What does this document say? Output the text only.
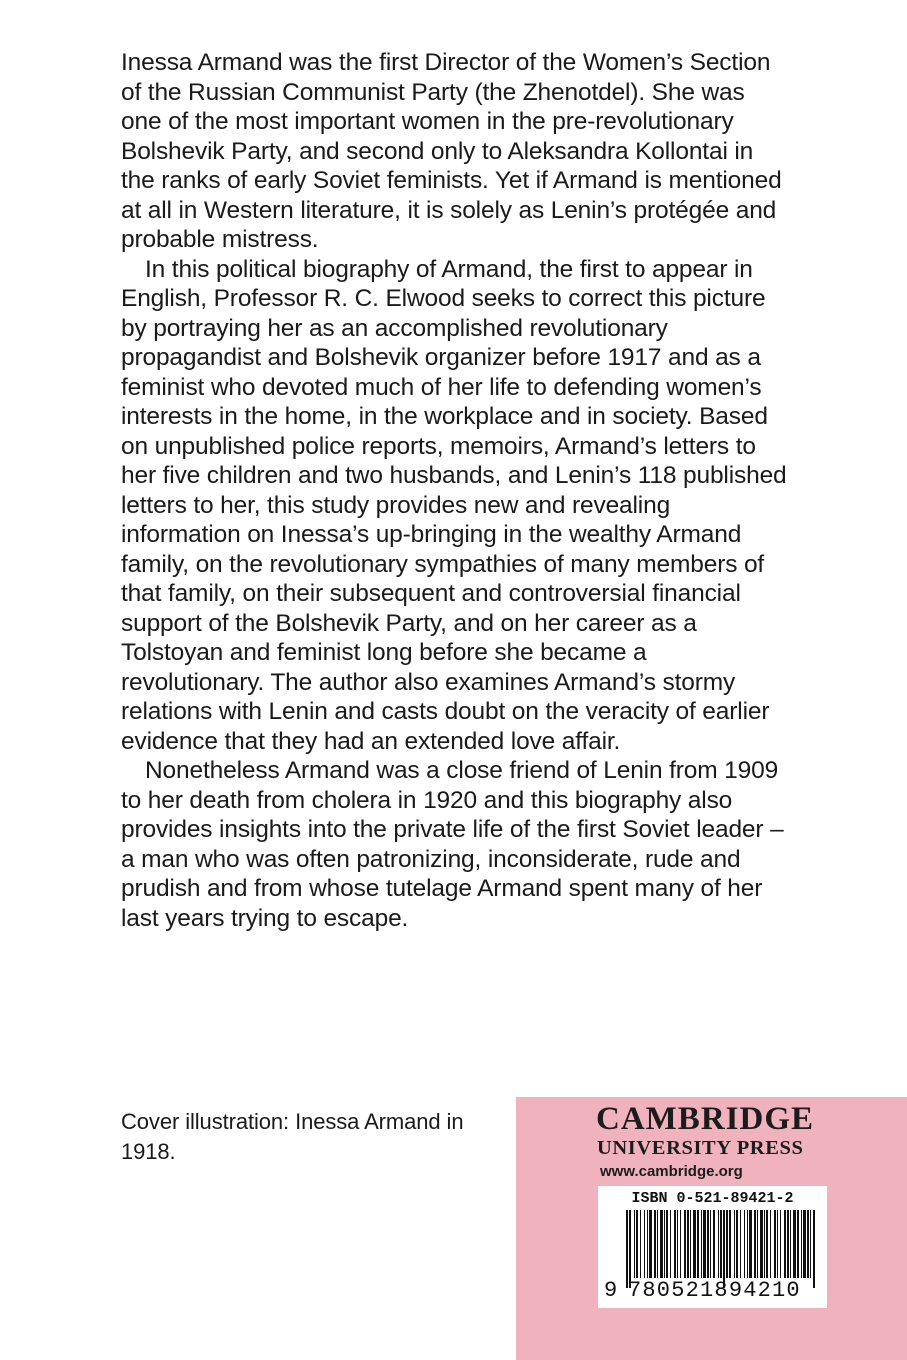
Inessa Armand was the first Director of the Women’s Section of the Russian Communist Party (the Zhenotdel). She was one of the most important women in the pre-revolutionary Bolshevik Party, and second only to Aleksandra Kollontai in the ranks of early Soviet feminists. Yet if Armand is mentioned at all in Western literature, it is solely as Lenin’s protégée and probable mistress.

In this political biography of Armand, the first to appear in English, Professor R. C. Elwood seeks to correct this picture by portraying her as an accomplished revolutionary propagandist and Bolshevik organizer before 1917 and as a feminist who devoted much of her life to defending women’s interests in the home, in the workplace and in society. Based on unpublished police reports, memoirs, Armand’s letters to her five children and two husbands, and Lenin’s 118 published letters to her, this study provides new and revealing information on Inessa’s up-bringing in the wealthy Armand family, on the revolutionary sympathies of many members of that family, on their subsequent and controversial financial support of the Bolshevik Party, and on her career as a Tolstoyan and feminist long before she became a revolutionary. The author also examines Armand’s stormy relations with Lenin and casts doubt on the veracity of earlier evidence that they had an extended love affair.

Nonetheless Armand was a close friend of Lenin from 1909 to her death from cholera in 1920 and this biography also provides insights into the private life of the first Soviet leader – a man who was often patronizing, inconsiderate, rude and prudish and from whose tutelage Armand spent many of her last years trying to escape.

Cover illustration: Inessa Armand in 1918.
CAMBRIDGE
UNIVERSITY PRESS
www.cambridge.org
ISBN 0-521-89421-2
9 780521894210
